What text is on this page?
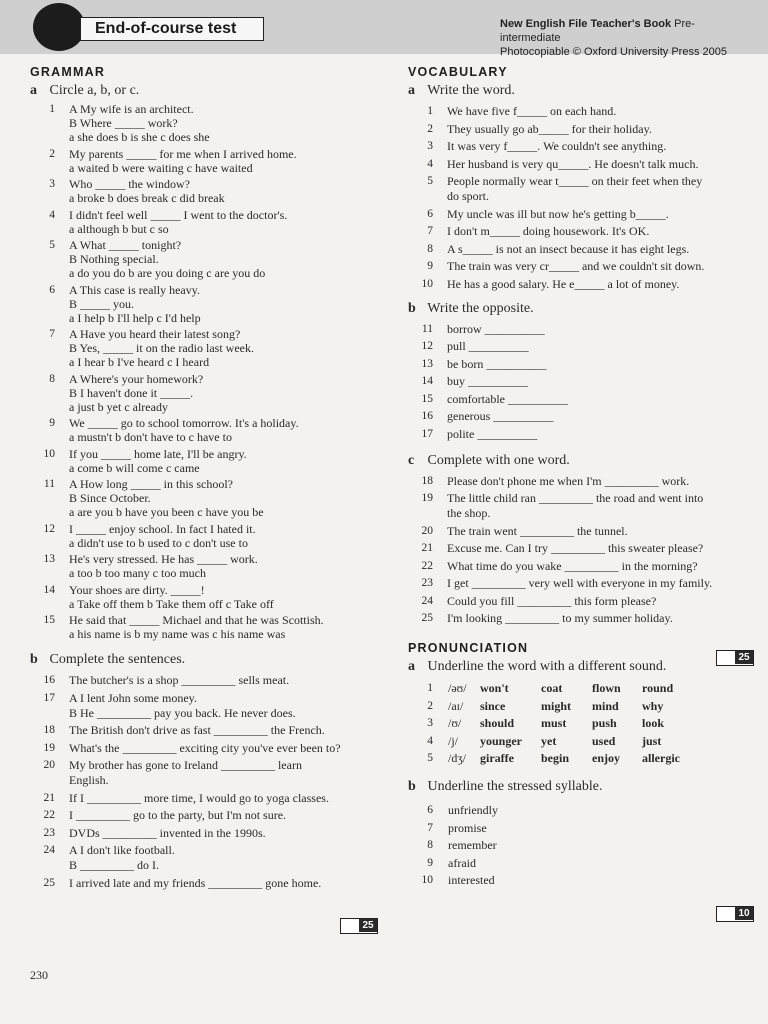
End-of-course test	New English File Teacher's Book Pre-intermediate
Photocopiable © Oxford University Press 2005
GRAMMAR
a Circle a, b, or c.
1 A My wife is an architect.
B Where _____ work?
a she does b is she c does she
2 My parents _____ for me when I arrived home.
a waited b were waiting c have waited
3 Who _____ the window?
a broke b does break c did break
4 I didn't feel well _____ I went to the doctor's.
a although b but c so
5 A What _____ tonight?
B Nothing special.
a do you do b are you doing c are you do
6 A This case is really heavy.
B _____ you.
a I help b I'll help c I'd help
7 A Have you heard their latest song?
B Yes, _____ it on the radio last week.
a I hear b I've heard c I heard
8 A Where's your homework?
B I haven't done it _____.
a just b yet c already
9 We _____ go to school tomorrow. It's a holiday.
a mustn't b don't have to c have to
10 If you _____ home late, I'll be angry.
a come b will come c came
11 A How long _____ in this school?
B Since October.
a are you b have you been c have you be
12 I _____ enjoy school. In fact I hated it.
a didn't use to b used to c don't use to
13 He's very stressed. He has _____ work.
a too b too many c too much
14 Your shoes are dirty. _____!
a Take off them b Take them off c Take off
15 He said that _____ Michael and that he was Scottish.
a his name is b my name was c his name was
b Complete the sentences.
16 The butcher's is a shop _________ sells meat.
17 A I lent John some money.
B He _________ pay you back. He never does.
18 The British don't drive as fast _________ the French.
19 What's the _________ exciting city you've ever been to?
20 My brother has gone to Ireland _________ learn
English.
21 If I _________ more time, I would go to yoga classes.
22 I _________ go to the party, but I'm not sure.
23 DVDs _________ invented in the 1990s.
24 A I don't like football.
B _________ do I.
25 I arrived late and my friends _________ gone home.
VOCABULARY
a Write the word.
1 We have five f_____ on each hand.
2 They usually go ab_____ for their holiday.
3 It was very f_____. We couldn't see anything.
4 Her husband is very qu_____. He doesn't talk much.
5 People normally wear t_____ on their feet when they
do sport.
6 My uncle was ill but now he's getting b_____.
7 I don't m_____ doing housework. It's OK.
8 A s_____ is not an insect because it has eight legs.
9 The train was very cr_____ and we couldn't sit down.
10 He has a good salary. He e_____ a lot of money.
b Write the opposite.
11 borrow __________
12 pull __________
13 be born __________
14 buy __________
15 comfortable __________
16 generous __________
17 polite __________
c Complete with one word.
18 Please don't phone me when I'm _________ work.
19 The little child ran _________ the road and went into
the shop.
20 The train went _________ the tunnel.
21 Excuse me. Can I try _________ this sweater please?
22 What time do you wake _________ in the morning?
23 I get _________ very well with everyone in my family.
24 Could you fill _________ this form please?
25 I'm looking _________ to my summer holiday.
PRONUNCIATION
a Underline the word with a different sound.
1 /əʊ/ won't	coat flown round
2 /aɪ/ since	might mind why
3 /ʊ/ should must push look
4 /j/ younger yet	used just
5 /dʒ/ giraffe begin enjoy allergic
b Underline the stressed syllable.
6 unfriendly
7 promise
8 remember
9 afraid
10 interested
25
25
10
230
